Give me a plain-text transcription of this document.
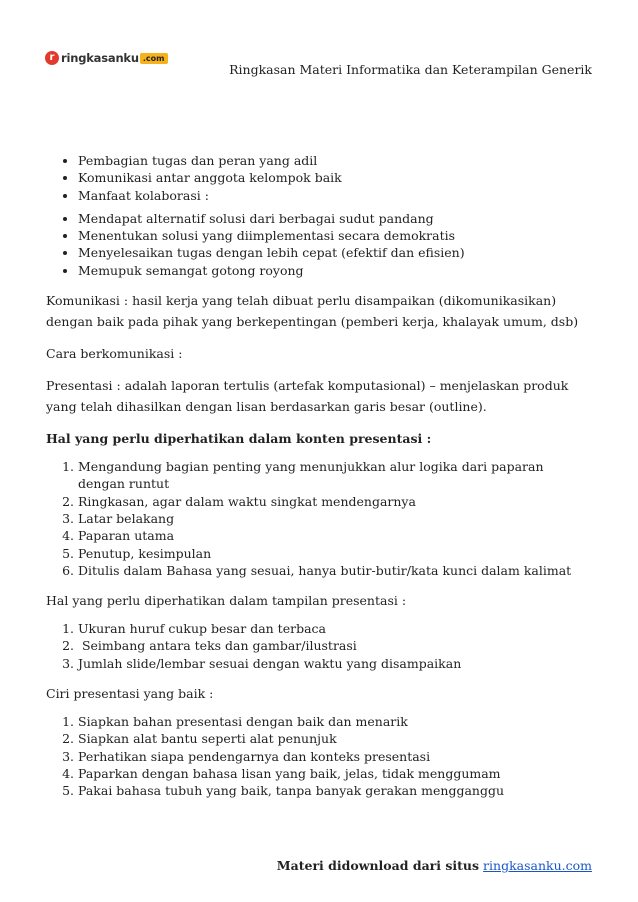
r ringkasanku .com
Ringkasan Materi Informatika dan Keterampilan Generik
• Pembagian tugas dan peran yang adil
• Komunikasi antar anggota kelompok baik
• Manfaat kolaborasi :
• Mendapat alternatif solusi dari berbagai sudut pandang
• Menentukan solusi yang diimplementasi secara demokratis
• Menyelesaikan tugas dengan lebih cepat (efektif dan efisien)
• Memupuk semangat gotong royong

Komunikasi : hasil kerja yang telah dibuat perlu disampaikan (dikomunikasikan) dengan baik pada pihak yang berkepentingan (pemberi kerja, khalayak umum, dsb)

Cara berkomunikasi :

Presentasi : adalah laporan tertulis (artefak komputasional) – menjelaskan produk yang telah dihasilkan dengan lisan berdasarkan garis besar (outline).

Hal yang perlu diperhatikan dalam konten presentasi :

1. Mengandung bagian penting yang menunjukkan alur logika dari paparan dengan runtut
2. Ringkasan, agar dalam waktu singkat mendengarnya
3. Latar belakang
4. Paparan utama
5. Penutup, kesimpulan
6. Ditulis dalam Bahasa yang sesuai, hanya butir-butir/kata kunci dalam kalimat

Hal yang perlu diperhatikan dalam tampilan presentasi :

1. Ukuran huruf cukup besar dan terbaca
2.  Seimbang antara teks dan gambar/ilustrasi
3. Jumlah slide/lembar sesuai dengan waktu yang disampaikan

Ciri presentasi yang baik :

1. Siapkan bahan presentasi dengan baik dan menarik
2. Siapkan alat bantu seperti alat penunjuk
3. Perhatikan siapa pendengarnya dan konteks presentasi
4. Paparkan dengan bahasa lisan yang baik, jelas, tidak menggumam
5. Pakai bahasa tubuh yang baik, tanpa banyak gerakan mengganggu
Materi didownload dari situs ringkasanku.com
